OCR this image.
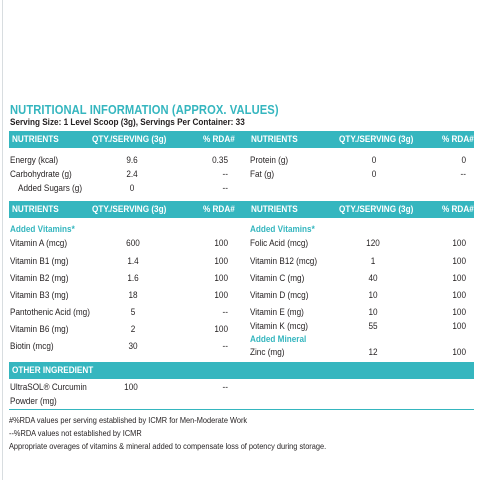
NUTRITIONAL INFORMATION (APPROX. VALUES)
Serving Size: 1 Level Scoop (3g), Servings Per Container: 33
NUTRIENTS	QTY./SERVING (3g)	% RDA# NUTRIENTS	QTY./SERVING (3g)	% RDA#
Energy (kcal)	9.6	0.35
Carbohydrate (g)	2.4	--
Added Sugars (g)	0	--
Protein (g)	0	0
Fat (g)	0	--
NUTRIENTS	QTY./SERVING (3g)	% RDA# NUTRIENTS	QTY./SERVING (3g)	% RDA#
Added Vitamins*	Added Vitamins*
Vitamin A (mcg)	600	100
Vitamin B1 (mg)	1.4	100
Vitamin B2 (mg)	1.6	100
Vitamin B3 (mg)	18	100
Pantothenic Acid (mg)	5	--
Vitamin B6 (mg)	2	100
Biotin (mcg)	30	--
Folic Acid (mcg)	120	100
Vitamin B12 (mcg)	1	100
Vitamin C (mg)	40	100
Vitamin D (mcg)	10	100
Vitamin E (mg)	10	100
Vitamin K (mcg)	55	100
Added Mineral
Zinc (mg)	12	100
OTHER INGREDIENT
UltraSOL® Curcumin
Powder (mg)
100	--
#%RDA values per serving established by ICMR for Men-Moderate Work
--%RDA values not established by ICMR
Appropriate overages of vitamins & mineral added to compensate loss of potency during storage.
